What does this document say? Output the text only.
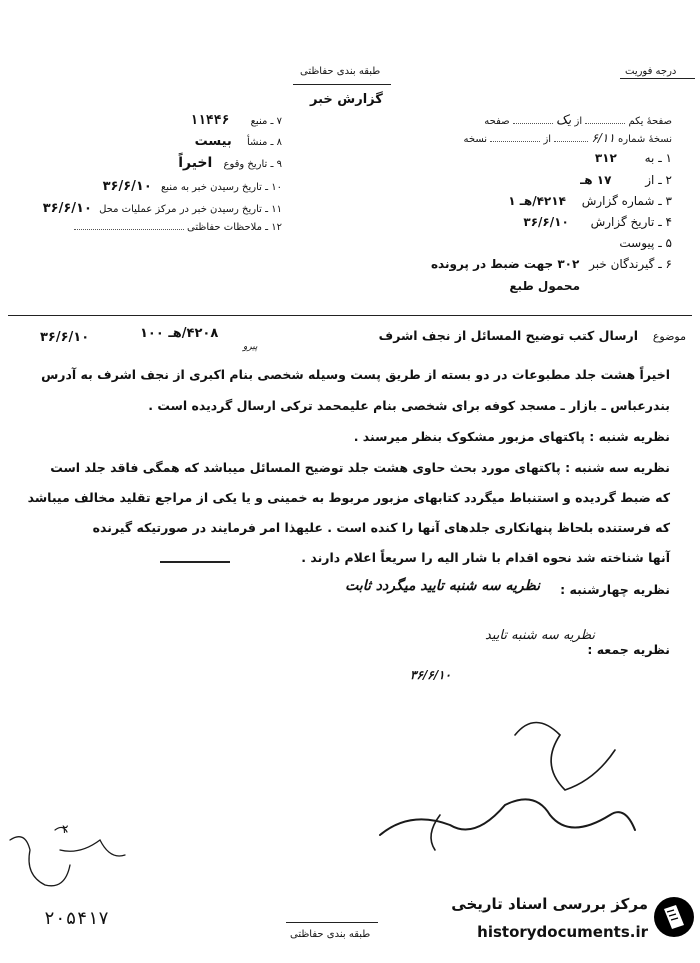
درجه فوریت
طبقه بندی حفاظتی
گزارش خبر
صفحهٔ یکم  از یک  صفحه
نسخهٔ شماره ۶/۱۱  از  نسخه
۱ ـ به ۳۱۲
۲ ـ از ۱۷ هـ
۳ ـ شماره گزارش ۴۲۱۴/هـ ۱
۴ ـ تاریخ گزارش ۳۶/۶/۱۰
۵ ـ پیوست
۶ ـ گیرندگان خبر ۳۰۲ جهت ضبط در پرونده
محمول طبع
۷ ـ منبع ۱۱۴۴۶
۸ ـ منشأ بیست
۹ ـ تاریخ وقوع اخیراً
۱۰ ـ تاریخ رسیدن خبر به منبع ۳۶/۶/۱۰
۱۱ ـ تاریخ رسیدن خبر در مرکز عملیات محل ۳۶/۶/۱۰
۱۲ ـ ملاحظات حفاظتی
موضوع
ارسال کتب توضیح المسائل از نجف اشرف
۴۲۰۸/هـ ۱۰۰
۳۶/۶/۱۰
پیرو
اخیراً هشت جلد مطبوعات در دو بسته از طریق پست وسیله شخصی بنام اکبری از نجف اشرف به آدرس
بندرعباس ـ بازار ـ مسجد کوفه برای شخصی بنام علیمحمد ترکی ارسال گردیده است .
نظریه شنبه : پاکتهای مزبور مشکوک بنظر میرسند .
نظریه سه شنبه : پاکتهای مورد بحث حاوی هشت جلد توضیح المسائل میباشد که همگی فاقد جلد است
که ضبط گردیده و استنباط میگردد کتابهای مزبور مربوط به خمینی و یا یکی از مراجع تقلید مخالف میباشد
که فرستنده بلحاظ پنهانکاری جلدهای آنها را کنده است . علیهذا امر فرمایند در صورتیکه گیرنده
آنها شناخته شد نحوه اقدام با شار الیه را سریعاً اعلام دارند .
نظریه چهارشنبه :
نظریه سه شنبه تایید میگردد ثابت
نظریه جمعه :
نظریه سه شنبه تایید
۳۶/۶/۱۰
۲۰۵۴۱۷
طبقه بندی حفاظتی
۲
مرکز بررسی اسناد تاریخی
historydocuments.ir
